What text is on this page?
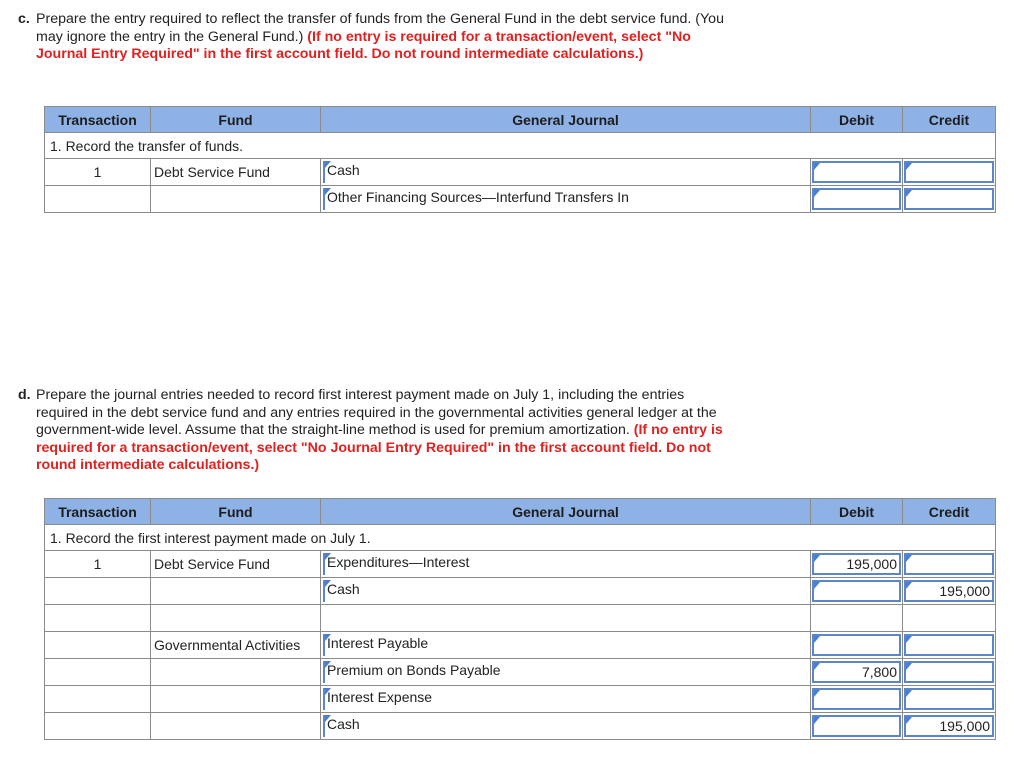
c. Prepare the entry required to reflect the transfer of funds from the General Fund in the debt service fund. (You may ignore the entry in the General Fund.) (If no entry is required for a transaction/event, select "No Journal Entry Required" in the first account field. Do not round intermediate calculations.)
Transaction	Fund	General Journal	Debit	Credit
1. Record the transfer of funds.				
1	Debt Service Fund	Cash		

Other Financing Sources—Interfund Transfers In		

d. Prepare the journal entries needed to record first interest payment made on July 1, including the entries required in the debt service fund and any entries required in the governmental activities general ledger at the government-wide level. Assume that the straight-line method is used for premium amortization. (If no entry is required for a transaction/event, select "No Journal Entry Required" in the first account field. Do not round intermediate calculations.)
Transaction	Fund	General Journal	Debit	Credit
1. Record the first interest payment made on July 1.				
1	Debt Service Fund	Expenditures—Interest	195,000	

Cash		195,000

	Governmental Activities	Interest Payable		

Premium on Bonds Payable	7,800	

Interest Expense		

Cash		195,000
